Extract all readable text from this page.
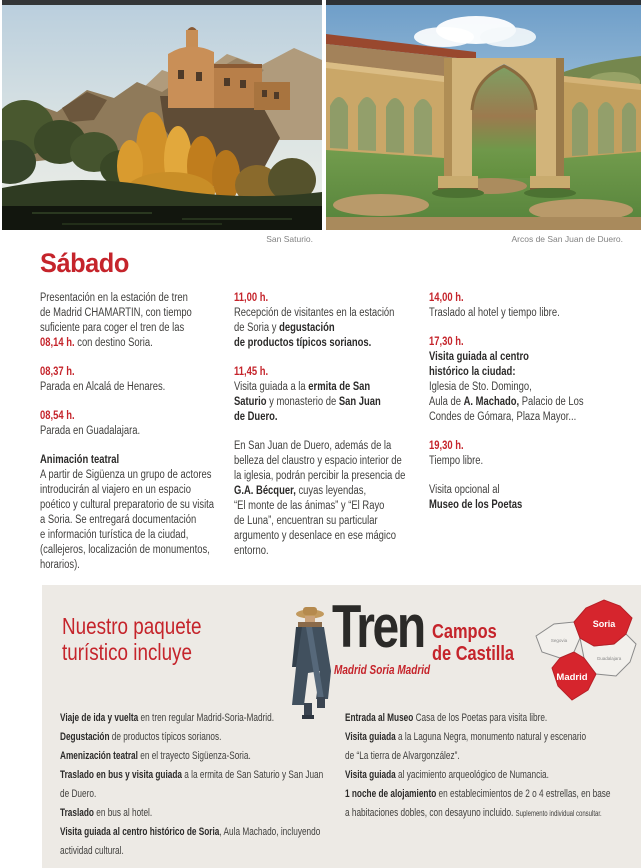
San Saturio.	Arcos de San Juan de Duero.
Sábado

Presentación en la estación de tren
de Madrid CHAMARTIN, con tiempo
suficiente para coger el tren de las
08,14 h. con destino Soria.

08,37 h.
Parada en Alcalá de Henares.

08,54 h.
Parada en Guadalajara.

Animación teatral
A partir de Sigüenza un grupo de actores
introducirán al viajero en un espacio
poético y cultural preparatorio de su visita
a Soria. Se entregará documentación
e información turística de la ciudad,
(callejeros, localización de monumentos,
horarios).

11,00 h.
Recepción de visitantes en la estación
de Soria y degustación
de productos típicos sorianos.

11,45 h.
Visita guiada a la ermita de San
Saturio y monasterio de San Juan
de Duero.

En San Juan de Duero, además de la
belleza del claustro y espacio interior de
la iglesia, podrán percibir la presencia de
G.A. Bécquer, cuyas leyendas,
“El monte de las ánimas” y “El Rayo
de Luna”, encuentran su particular
argumento y desenlace en ese mágico
entorno.

14,00 h.
Traslado al hotel y tiempo libre.

17,30 h.
Visita guiada al centro
histórico la ciudad:
Iglesia de Sto. Domingo,
Aula de A. Machado, Palacio de Los
Condes de Gómara, Plaza Mayor...

19,30 h.
Tiempo libre.

Visita opcional al
Museo de los Poetas

Nuestro paquete
turístico incluye Tren Campos
de Castilla
Madrid Soria Madrid
Soria
Segovia
Guadalajara
Madrid

Viaje de ida y vuelta en tren regular Madrid-Soria-Madrid.

Degustación de productos típicos sorianos.

Amenización teatral en el trayecto Sigüenza-Soria.

Traslado en bus y visita guiada a la ermita de San Saturio y San Juan
de Duero.

Traslado en bus al hotel.

Visita guiada al centro histórico de Soria, Aula Machado, incluyendo
actividad cultural.

Entrada al Museo Casa de los Poetas para visita libre.

Visita guiada a la Laguna Negra, monumento natural y escenario
de “La tierra de Alvargonzález”.

Visita guiada al yacimiento arqueológico de Numancia.

1 noche de alojamiento en establecimientos de 2 o 4 estrellas, en base
a habitaciones dobles, con desayuno incluido. Suplemento individual consultar.
